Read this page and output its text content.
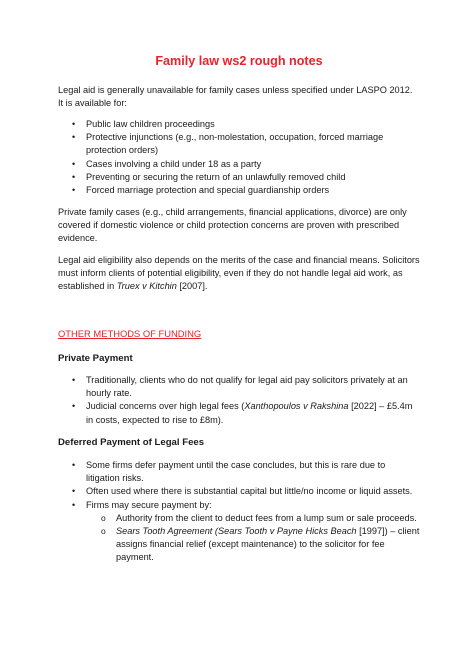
Family law ws2 rough notes
Legal aid is generally unavailable for family cases unless specified under LASPO 2012. It is available for:
• Public law children proceedings
• Protective injunctions (e.g., non-molestation, occupation, forced marriage protection orders)
• Cases involving a child under 18 as a party
• Preventing or securing the return of an unlawfully removed child
• Forced marriage protection and special guardianship orders
Private family cases (e.g., child arrangements, financial applications, divorce) are only covered if domestic violence or child protection concerns are proven with prescribed evidence.
Legal aid eligibility also depends on the merits of the case and financial means. Solicitors must inform clients of potential eligibility, even if they do not handle legal aid work, as established in Truex v Kitchin [2007].
OTHER METHODS OF FUNDING
Private Payment
• Traditionally, clients who do not qualify for legal aid pay solicitors privately at an hourly rate.
• Judicial concerns over high legal fees (Xanthopoulos v Rakshina [2022] – £5.4m in costs, expected to rise to £8m).
Deferred Payment of Legal Fees
• Some firms defer payment until the case concludes, but this is rare due to litigation risks.
• Often used where there is substantial capital but little/no income or liquid assets.
• Firms may secure payment by:
o Authority from the client to deduct fees from a lump sum or sale proceeds.
o Sears Tooth Agreement (Sears Tooth v Payne Hicks Beach [1997]) – client assigns financial relief (except maintenance) to the solicitor for fee payment.
